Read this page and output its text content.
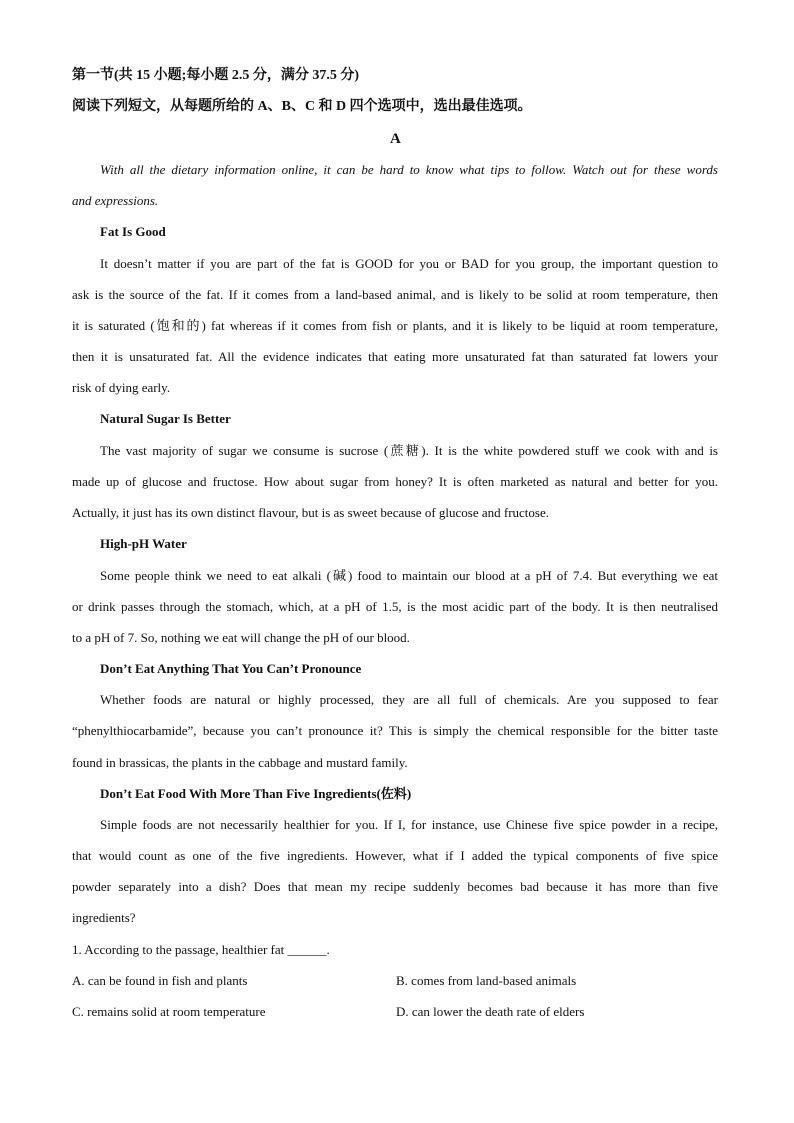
第一节(共 15 小题;每小题 2.5 分，满分 37.5 分)
阅读下列短文，从每题所给的 A、B、C 和 D 四个选项中，选出最佳选项。
A
With all the dietary information online, it can be hard to know what tips to follow. Watch out for these words
and expressions.
Fat Is Good
It doesn’t matter if you are part of the fat is GOOD for you or BAD for you group, the important question to
ask is the source of the fat. If it comes from a land-based animal, and is likely to be solid at room temperature, then
it is saturated (饱和的) fat whereas if it comes from fish or plants, and it is likely to be liquid at room temperature,
then it is unsaturated fat. All the evidence indicates that eating more unsaturated fat than saturated fat lowers your
risk of dying early.
Natural Sugar Is Better
The vast majority of sugar we consume is sucrose (蔗糖). It is the white powdered stuff we cook with and is
made up of glucose and fructose. How about sugar from honey? It is often marketed as natural and better for you.
Actually, it just has its own distinct flavour, but is as sweet because of glucose and fructose.
High-pH Water
Some people think we need to eat alkali (碱) food to maintain our blood at a pH of 7.4. But everything we eat
or drink passes through the stomach, which, at a pH of 1.5, is the most acidic part of the body. It is then neutralised
to a pH of 7. So, nothing we eat will change the pH of our blood.
Don’t Eat Anything That You Can’t Pronounce
Whether foods are natural or highly processed, they are all full of chemicals. Are you supposed to fear
“phenylthiocarbamide”, because you can’t pronounce it? This is simply the chemical responsible for the bitter taste
found in brassicas, the plants in the cabbage and mustard family.
Don’t Eat Food With More Than Five Ingredients(佐料)
Simple foods are not necessarily healthier for you. If I, for instance, use Chinese five spice powder in a recipe,
that would count as one of the five ingredients. However, what if I added the typical components of five spice
powder separately into a dish? Does that mean my recipe suddenly becomes bad because it has more than five
ingredients?
1. According to the passage, healthier fat ______.
A. can be found in fish and plants	B. comes from land-based animals
C. remains solid at room temperature	D. can lower the death rate of elders
